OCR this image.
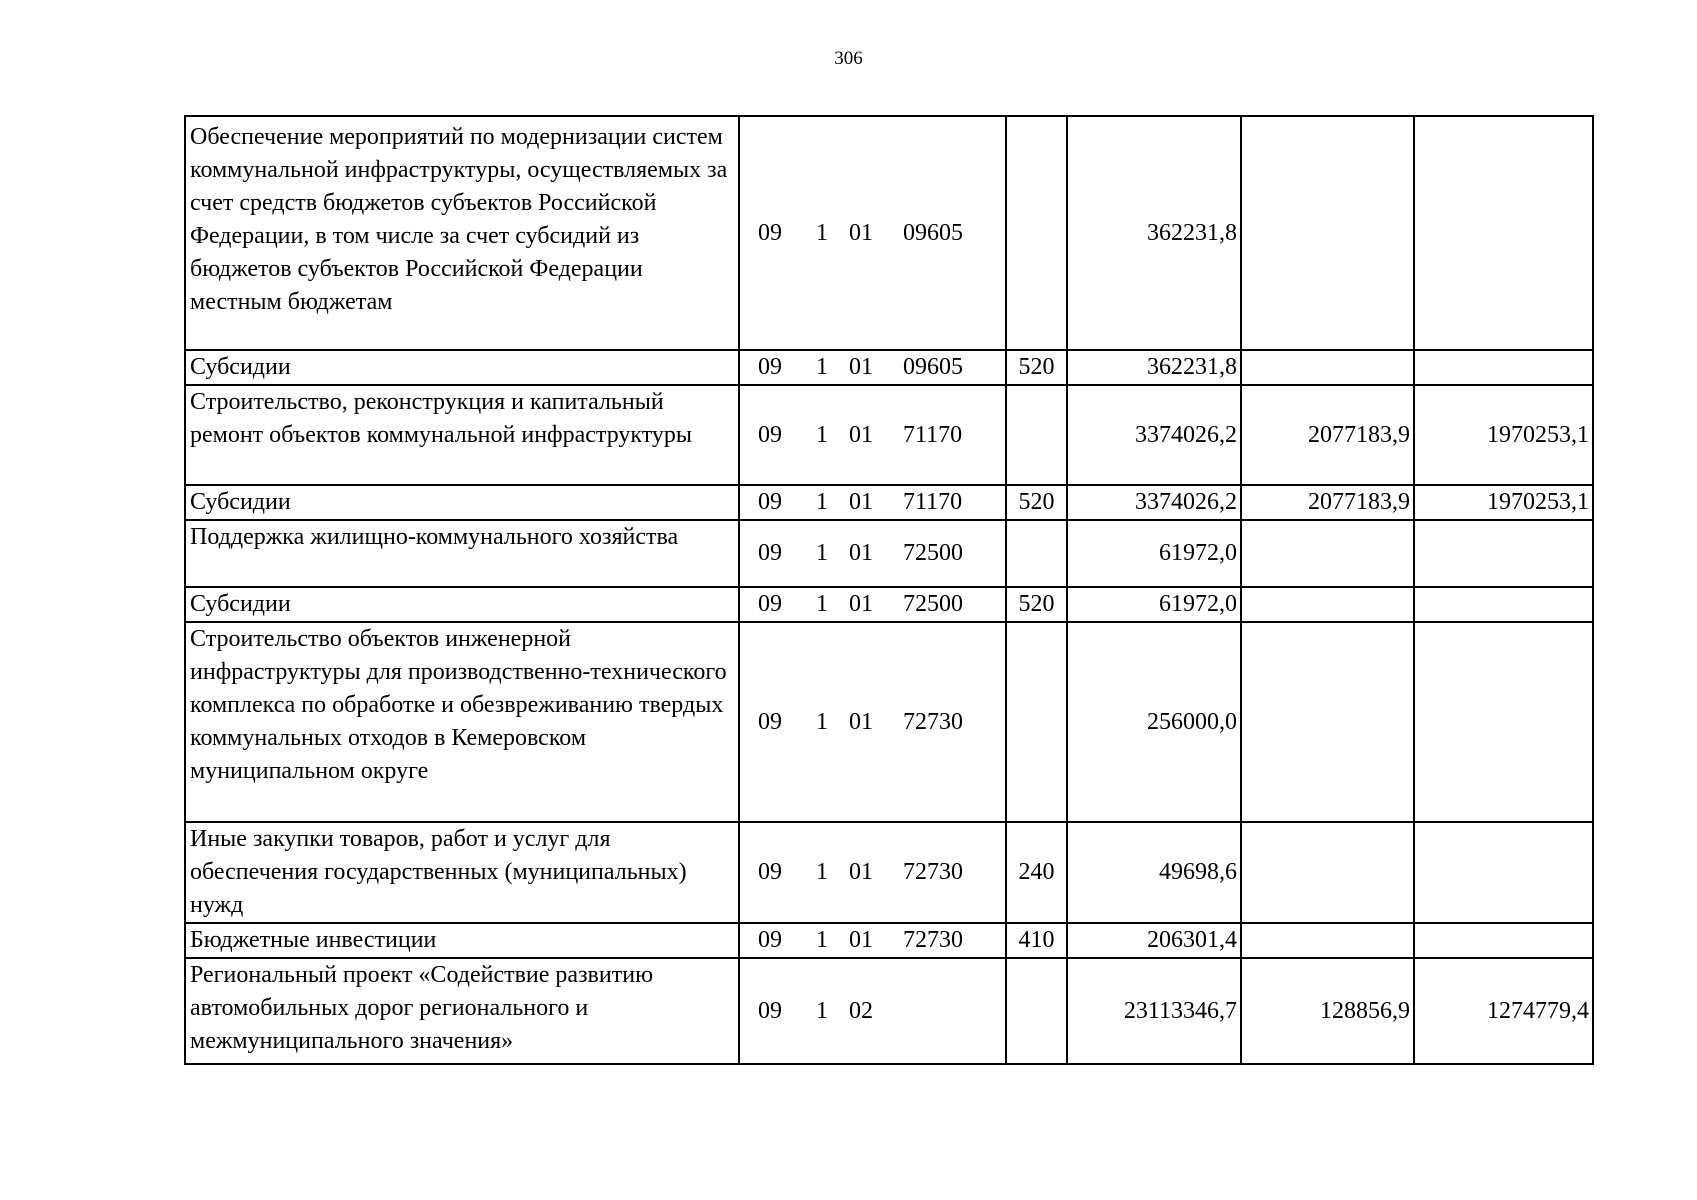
306
Обеспечение мероприятий по модернизации систем коммунальной инфраструктуры, осуществляемых за счет средств бюджетов субъектов Российской Федерации, в том числе за счет субсидий из бюджетов субъектов Российской Федерации местным бюджетам	09	1	01	09605		362231,8		
Субсидии	09	1	01	09605	520	362231,8		
Строительство, реконструкция и капитальный ремонт объектов коммунальной инфраструктуры	09	1	01	71170		3374026,2	2077183,9	1970253,1
Субсидии	09	1	01	71170	520	3374026,2	2077183,9	1970253,1
Поддержка жилищно-коммунального хозяйства	09	1	01	72500		61972,0		
Субсидии	09	1	01	72500	520	61972,0		
Строительство объектов инженерной инфраструктуры для производственно-технического комплекса по обработке и обезвреживанию твердых коммунальных отходов в Кемеровском муниципальном округе	09	1	01	72730		256000,0		
Иные закупки товаров, работ и услуг для обеспечения государственных (муниципальных) нужд	09	1	01	72730	240	49698,6		
Бюджетные инвестиции	09	1	01	72730	410	206301,4		
Региональный проект «Содействие развитию автомобильных дорог регионального и межмуниципального значения»	09	1	02			23113346,7	128856,9	1274779,4
